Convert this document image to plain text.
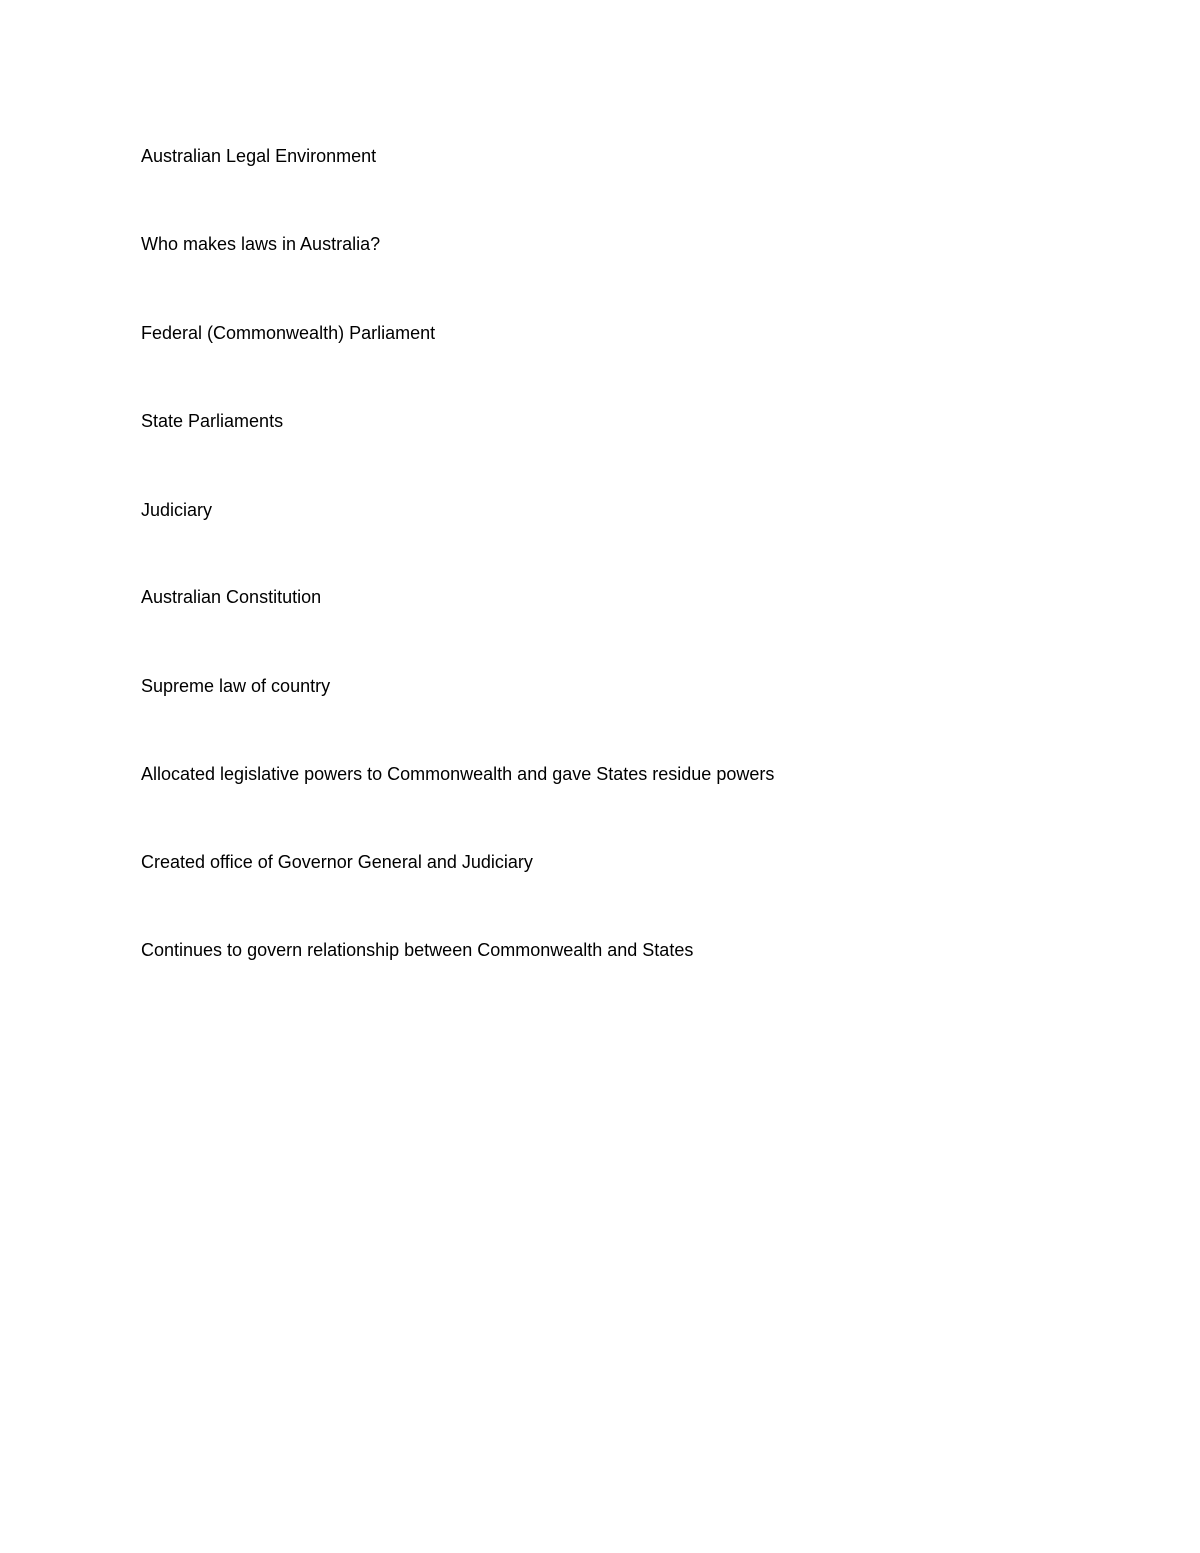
Australian Legal Environment

Who makes laws in Australia?

Federal (Commonwealth) Parliament

State Parliaments

Judiciary

Australian Constitution

Supreme law of country

Allocated legislative powers to Commonwealth and gave States residue powers

Created office of Governor General and Judiciary

Continues to govern relationship between Commonwealth and States
